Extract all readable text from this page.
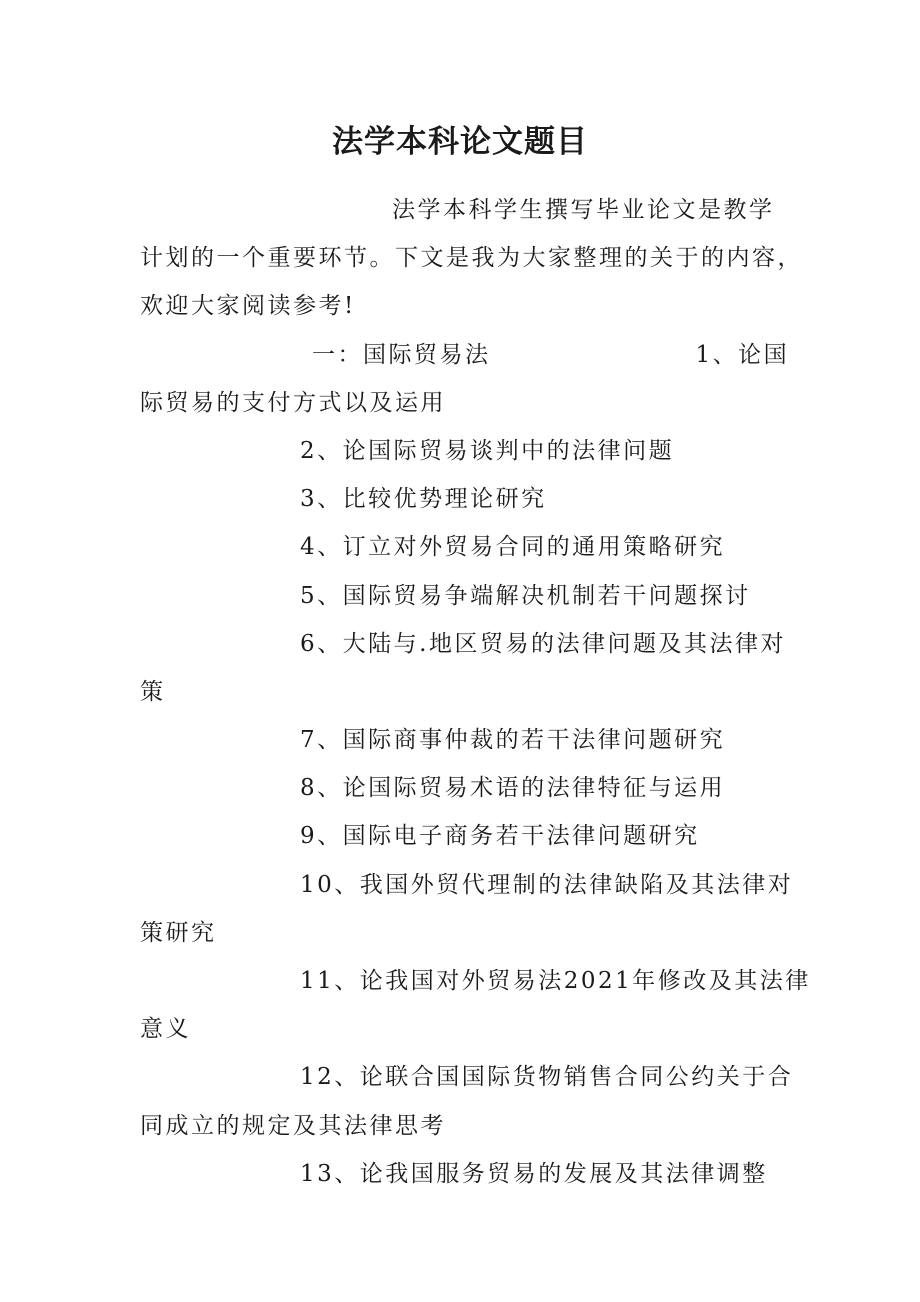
法学本科论文题目
法学本科学生撰写毕业论文是教学
计划的一个重要环节。下文是我为大家整理的关于的内容，
欢迎大家阅读参考!
一：国际贸易法	1、论国
际贸易的支付方式以及运用
2、论国际贸易谈判中的法律问题
3、比较优势理论研究
4、订立对外贸易合同的通用策略研究
5、国际贸易争端解决机制若干问题探讨
6、大陆与.地区贸易的法律问题及其法律对
策
7、国际商事仲裁的若干法律问题研究
8、论国际贸易术语的法律特征与运用
9、国际电子商务若干法律问题研究
10、我国外贸代理制的法律缺陷及其法律对
策研究
11、论我国对外贸易法2021年修改及其法律
意义
12、论联合国国际货物销售合同公约关于合
同成立的规定及其法律思考
13、论我国服务贸易的发展及其法律调整
